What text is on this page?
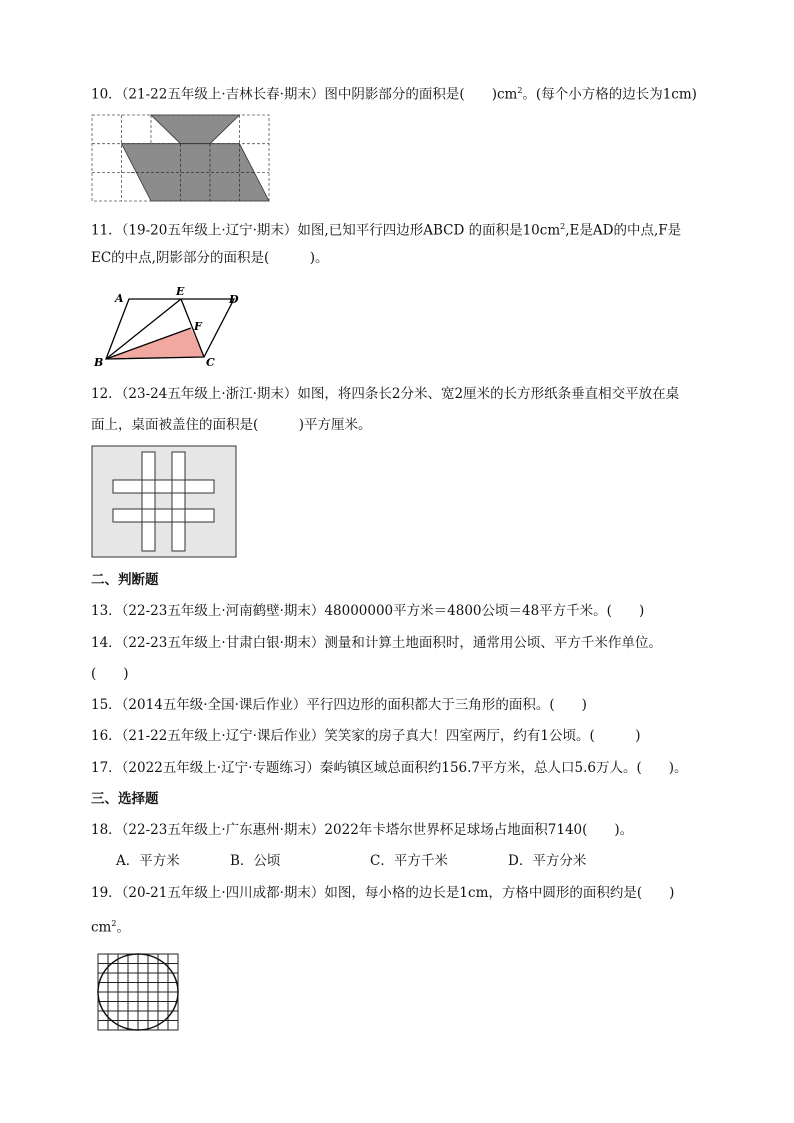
10．（21-22五年级上·吉林长春·期末）图中阴影部分的面积是(　　)$cm^2$。(每个小方格的边长为1cm)
11．（19-20五年级上·辽宁·期末）如图,已知平行四边形ABCD 的面积是$10cm^2,E$是AD的中点,F是
EC的中点,阴影部分的面积是(　　　)。
A
E
D
F
B	C
12．（23-24五年级上·浙江·期末）如图，将四条长2分米、宽2厘米的长方形纸条垂直相交平放在桌
面上，桌面被盖住的面积是(　　　)平方厘米。
二、判断题
13．（22-23五年级上·河南鹤壁·期末）48000000平方米＝4800公顷＝48平方千米。(　　)
14．（22-23五年级上·甘肃白银·期末）测量和计算土地面积时，通常用公顷、平方千米作单位。
(　　)
15．（2014五年级·全国·课后作业）平行四边形的面积都大于三角形的面积。(　　)
16．（21-22五年级上·辽宁·课后作业）笑笑家的房子真大！四室两厅，约有1公顷。(　　　)
17．（2022五年级上·辽宁·专题练习）秦屿镇区域总面积约156.7平方米，总人口5.6万人。(　　)。
三、选择题
18．（22-23五年级上·广东惠州·期末）2022年卡塔尔世界杯足球场占地面积7140(　　)。
A．平方米	B．公顷	C．平方千米	D．平方分米
19．（20-21五年级上·四川成都·期末）如图，每小格的边长是1cm，方格中圆形的面积约是(　　)
$cm^2$。
